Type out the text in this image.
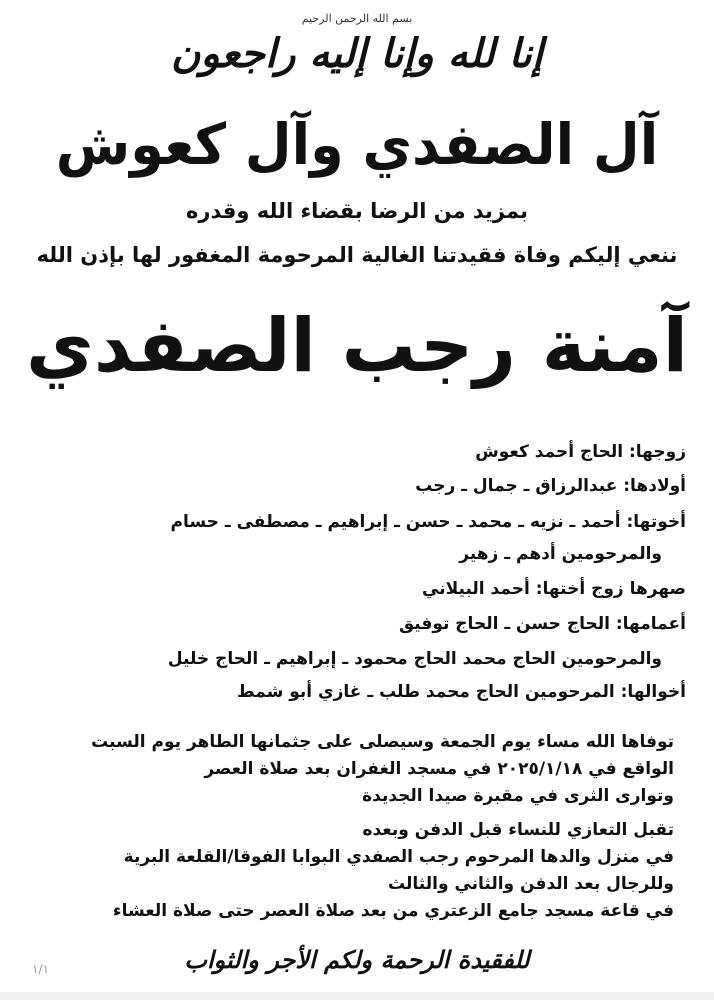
بسم الله الرحمن الرحيم
إنا لله وإنا إليه راجعون
آل الصفدي وآل كعوش
بمزيد من الرضا بقضاء الله وقدره
ننعي إليكم وفاة فقيدتنا الغالية المرحومة المغفور لها بإذن الله
آمنة رجب الصفدي
زوجها: الحاج أحمد كعوش
أولادها: عبدالرزاق ـ جمال ـ رجب
أخوتها: أحمد ـ نزيه ـ محمد ـ حسن ـ إبراهيم ـ مصطفى ـ حسام
والمرحومين أدهم ـ زهير
صهرها زوج أختها: أحمد البيلاني
أعمامها: الحاج حسن ـ الحاج توفيق
والمرحومين الحاج محمد الحاج محمود ـ إبراهيم ـ الحاج خليل
أخوالها: المرحومين الحاج محمد طلب ـ غازي أبو شمط
توفاها الله مساء يوم الجمعة وسيصلى على جثمانها الطاهر يوم السبت
الواقع في ٢٠٢٥/١/١٨ في مسجد الغفران بعد صلاة العصر
وتوارى الثرى في مقبرة صيدا الجديدة
تقبل التعازي للنساء قبل الدفن وبعده
في منزل والدها المرحوم رجب الصفدي البوابا الفوقا/القلعة البرية
وللرجال بعد الدفن والثاني والثالث
في قاعة مسجد جامع الزعتري من بعد صلاة العصر حتى صلاة العشاء
للفقيدة الرحمة ولكم الأجر والثواب
١/١
